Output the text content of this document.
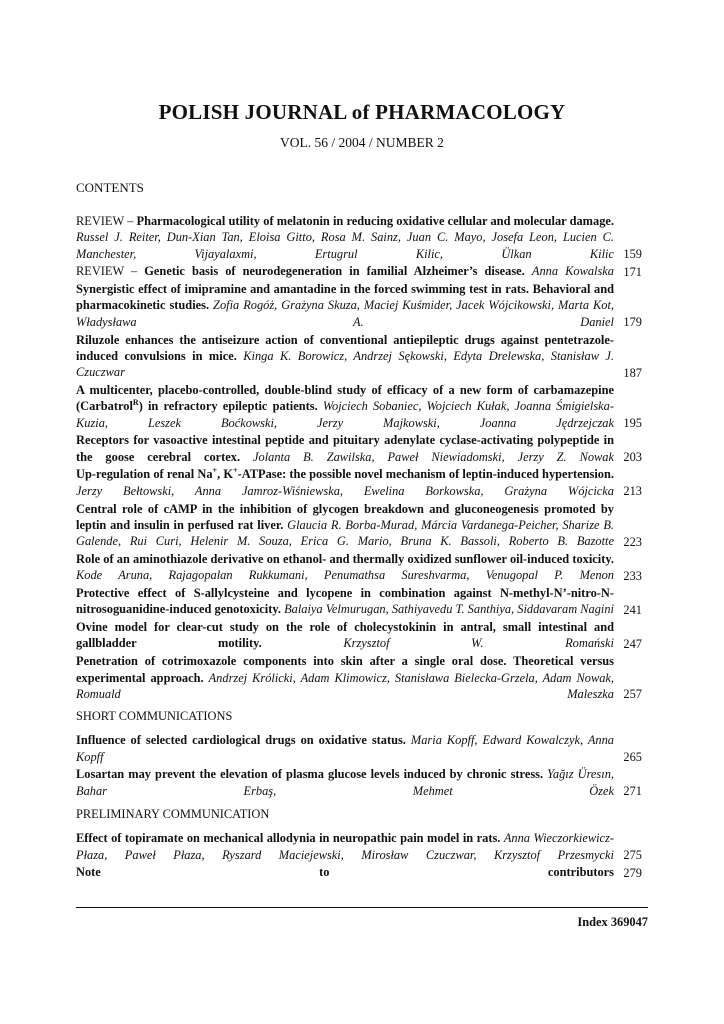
POLISH JOURNAL of PHARMACOLOGY
VOL. 56 / 2004 / NUMBER 2
CONTENTS
REVIEW – Pharmacological utility of melatonin in reducing oxidative cellular and molecular damage. Russel J. Reiter, Dun-Xian Tan, Eloisa Gitto, Rosa M. Sainz, Juan C. Mayo, Josefa Leon, Lucien C. Manchester, Vijayalaxmi, Ertugrul Kilic, Ülkan Kilic 159
REVIEW – Genetic basis of neurodegeneration in familial Alzheimer’s disease. Anna Kowalska 171
Synergistic effect of imipramine and amantadine in the forced swimming test in rats. Behavioral and pharmacokinetic studies. Zofia Rogóż, Grażyna Skuza, Maciej Kuśmider, Jacek Wójcikowski, Marta Kot, Władysława A. Daniel 179
Riluzole enhances the antiseizure action of conventional antiepileptic drugs against pentetrazole-induced convulsions in mice. Kinga K. Borowicz, Andrzej Sękowski, Edyta Drelewska, Stanisław J. Czuczwar	187
A multicenter, placebo-controlled, double-blind study of efficacy of a new form of carbamazepine (Carbatrol$^R$) in refractory epileptic patients. Wojciech Sobaniec, Wojciech Kułak, Joanna Śmigielska-Kuzia, Leszek Boćkowski, Jerzy Majkowski, Joanna Jędrzejczak 195
Receptors for vasoactive intestinal peptide and pituitary adenylate cyclase-activating polypeptide in the goose cerebral cortex. Jolanta B. Zawilska, Paweł Niewiadomski, Jerzy Z. Nowak 203
Up-regulation of renal Na+, K+-ATPase: the possible novel mechanism of leptin-induced hypertension. Jerzy Bełtowski, Anna Jamroz-Wiśniewska, Ewelina Borkowska, Grażyna Wójcicka 213
Central role of cAMP in the inhibition of glycogen breakdown and gluconeogenesis promoted by leptin and insulin in perfused rat liver. Glaucia R. Borba-Murad, Márcia Vardanega-Peicher, Sharize B. Galende, Rui Curi, Helenir M. Souza, Erica G. Mario, Bruna K. Bassoli, Roberto B. Bazotte 223
Role of an aminothiazole derivative on ethanol- and thermally oxidized sunflower oil-induced toxicity. Kode Aruna, Rajagopalan Rukkumani, Penumathsa Sureshvarma, Venugopal P. Menon 233
Protective effect of S-allylcysteine and lycopene in combination against N-methyl-N’-nitro-N-nitrosoguanidine-induced genotoxicity. Balaiya Velmurugan, Sathiyavedu T. Santhiya, Siddavaram Nagini 241
Ovine model for clear-cut study on the role of cholecystokinin in antral, small intestinal and gallbladder motility.	Krzysztof W. Romański 247
Penetration of cotrimoxazole components into skin after a single oral dose. Theoretical versus experimental approach. Andrzej Królicki, Adam Klimowicz, Stanisława Bielecka-Grzela, Adam Nowak, Romuald Maleszka 257
SHORT COMMUNICATIONS
Influence of selected cardiological drugs on oxidative status. Maria Kopff, Edward Kowalczyk, Anna Kopff	265
Losartan may prevent the elevation of plasma glucose levels induced by chronic stress. Yağız Üresın, Bahar Erbaş, Mehmet Özek 271
PRELIMINARY COMMUNICATION
Effect of topiramate on mechanical allodynia in neuropathic pain model in rats. Anna Wieczorkiewicz-Płaza, Paweł Płaza, Ryszard Maciejewski, Mirosław Czuczwar, Krzysztof Przesmycki 275
Note to contributors 279
Index 369047
